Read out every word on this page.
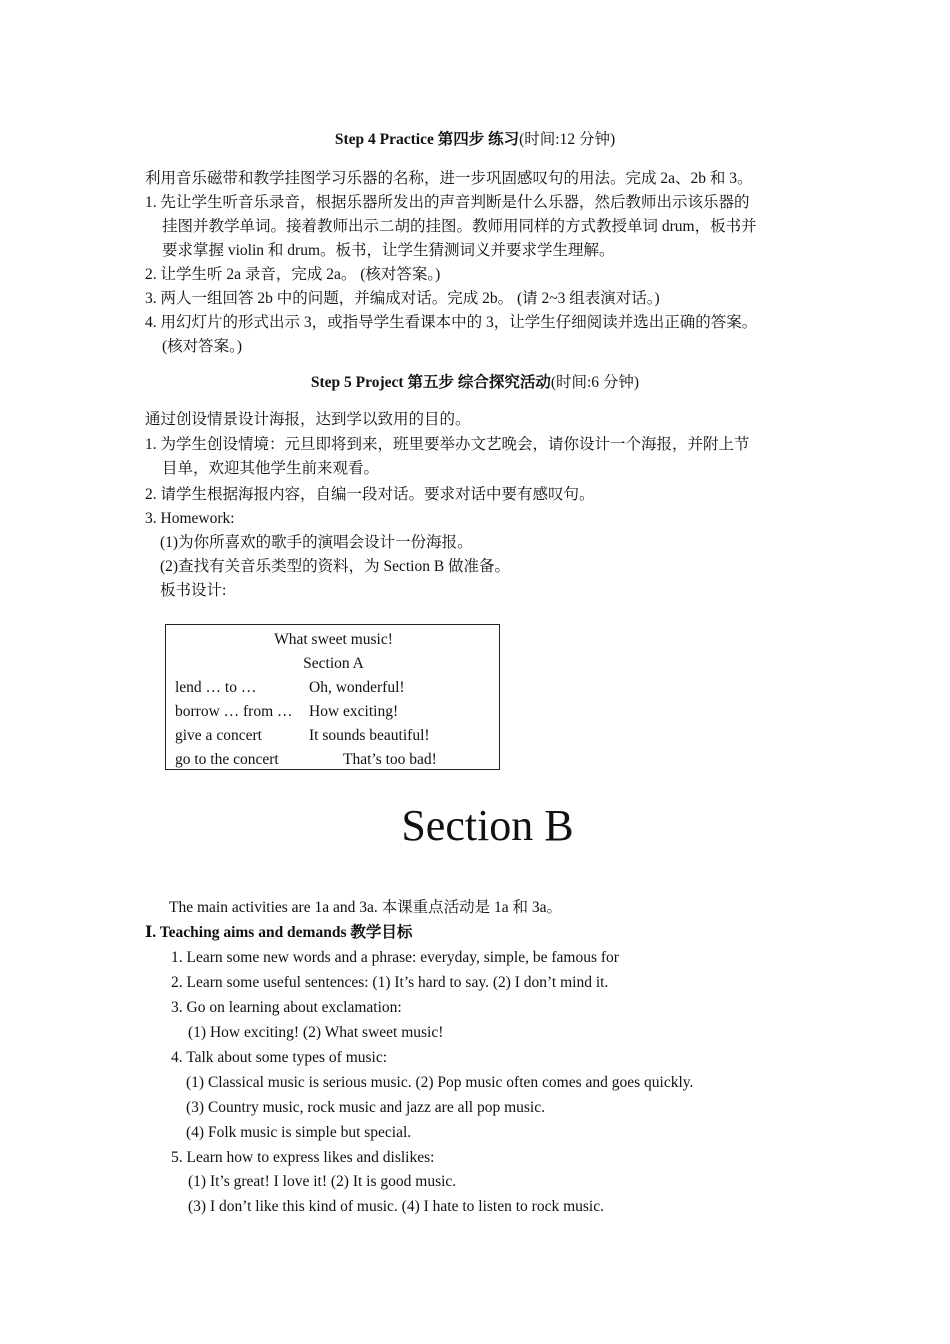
Step 4 Practice 第四步 练习(时间:12 分钟)
利用音乐磁带和教学挂图学习乐器的名称，进一步巩固感叹句的用法。完成 2a、2b 和 3。
1. 先让学生听音乐录音，根据乐器所发出的声音判断是什么乐器，然后教师出示该乐器的
挂图并教学单词。接着教师出示二胡的挂图。教师用同样的方式教授单词 drum，板书并
要求掌握 violin 和 drum。板书，让学生猜测词义并要求学生理解。
2. 让学生听 2a 录音，完成 2a。 (核对答案。)
3. 两人一组回答 2b 中的问题，并编成对话。完成 2b。 (请 2~3 组表演对话。)
4. 用幻灯片的形式出示 3，或指导学生看课本中的 3，让学生仔细阅读并选出正确的答案。
(核对答案。)
Step 5 Project 第五步 综合探究活动(时间:6 分钟)
通过创设情景设计海报，达到学以致用的目的。
1. 为学生创设情境：元旦即将到来，班里要举办文艺晚会，请你设计一个海报，并附上节
目单，欢迎其他学生前来观看。
2. 请学生根据海报内容，自编一段对话。要求对话中要有感叹句。
3. Homework:
(1)为你所喜欢的歌手的演唱会设计一份海报。
(2)查找有关音乐类型的资料，为 Section B 做准备。
板书设计:
What sweet music!
Section A
lend … to …	Oh, wonderful!
borrow … from … How exciting!
give a concert	It sounds beautiful!
go to the concert	That’s too bad!
Section B
The main activities are 1a and 3a. 本课重点活动是 1a 和 3a。
Ⅰ. Teaching aims and demands 教学目标
1. Learn some new words and a phrase: everyday, simple, be famous for
2. Learn some useful sentences: (1) It’s hard to say. (2) I don’t mind it.
3. Go on learning about exclamation:
(1) How exciting! (2) What sweet music!
4. Talk about some types of music:
(1) Classical music is serious music. (2) Pop music often comes and goes quickly.
(3) Country music, rock music and jazz are all pop music.
(4) Folk music is simple but special.
5. Learn how to express likes and dislikes:
(1) It’s great! I love it! (2) It is good music.
(3) I don’t like this kind of music. (4) I hate to listen to rock music.
